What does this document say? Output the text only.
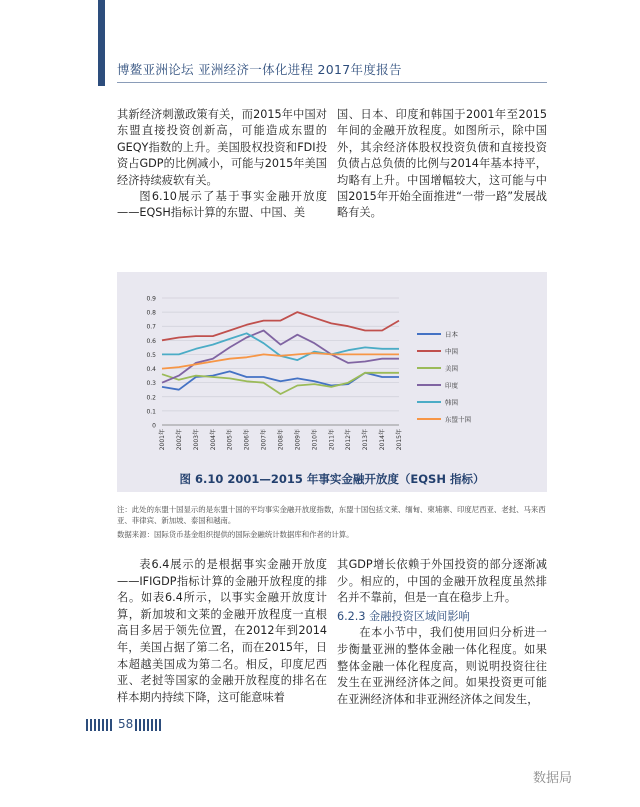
博鳌亚洲论坛 亚洲经济一体化进程 2017年度报告

其新经济刺激政策有关，而2015年中国对东盟直接投资创新高，可能造成东盟的GEQY指数的上升。美国股权投资和FDI投资占GDP的比例减小，可能与2015年美国经济持续疲软有关。

图6.10展示了基于事实金融开放度——EQSH指标计算的东盟、中国、美

国、日本、印度和韩国于2001年至2015年间的金融开放程度。如图所示，除中国外，其余经济体股权投资负债和直接投资负债占总负债的比例与2014年基本持平，均略有上升。中国增幅较大，这可能与中国2015年开始全面推进“一带一路”发展战略有关。

0
0.1
0.2
0.3
0.4
0.5
0.6
0.7
0.8
0.9
2001年 2002年 2003年 2004年 2005年 2006年 2007年 2008年 2009年 2010年 2011年 2012年 2013年 2014年 2015年
日本
中国
美国
印度
韩国
东盟十国
图 6.10 2001—2015 年事实金融开放度（EQSH 指标）
注：此处的东盟十国显示的是东盟十国的平均事实金融开放度指数，东盟十国包括文莱、缅甸、柬埔寨、印度尼西亚、老挝、马来西亚、菲律宾、新加坡、泰国和越南。
数据来源：国际货币基金组织提供的国际金融统计数据库和作者的计算。

表6.4展示的是根据事实金融开放度——IFIGDP指标计算的金融开放程度的排名。如表6.4所示，以事实金融开放度计算，新加坡和文莱的金融开放程度一直根高目多居于领先位置，在2012年到2014年，美国占据了第二名，而在2015年，日本超越美国成为第二名。相反，印度尼西亚、老挝等国家的金融开放程度的排名在样本期内持续下降，这可能意味着

其GDP增长依赖于外国投资的部分逐渐减少。相应的，中国的金融开放程度虽然排名并不靠前，但是一直在稳步上升。

6.2.3 金融投资区域间影响

在本小节中，我们使用回归分析进一步衡量亚洲的整体金融一体化程度。如果整体金融一体化程度高，则说明投资往往发生在亚洲经济体之间。如果投资更可能在亚洲经济体和非亚洲经济体之间发生，

58
数据局
